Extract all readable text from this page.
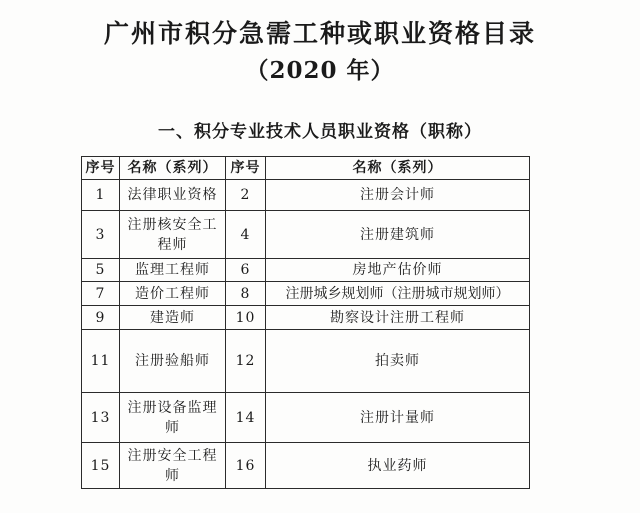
广州市积分急需工种或职业资格目录
（2020 年）
一、积分专业技术人员职业资格（职称）
序号	名称（系列）	序号	名称（系列）
1	法律职业资格	2	注册会计师
3	注册核安全工程师	4	注册建筑师
5	监理工程师	6	房地产估价师
7	造价工程师	8	注册城乡规划师（注册城市规划师）
9	建造师	10	勘察设计注册工程师
11	注册验船师	12	拍卖师
13	注册设备监理师	14	注册计量师
15	注册安全工程师	16	执业药师
